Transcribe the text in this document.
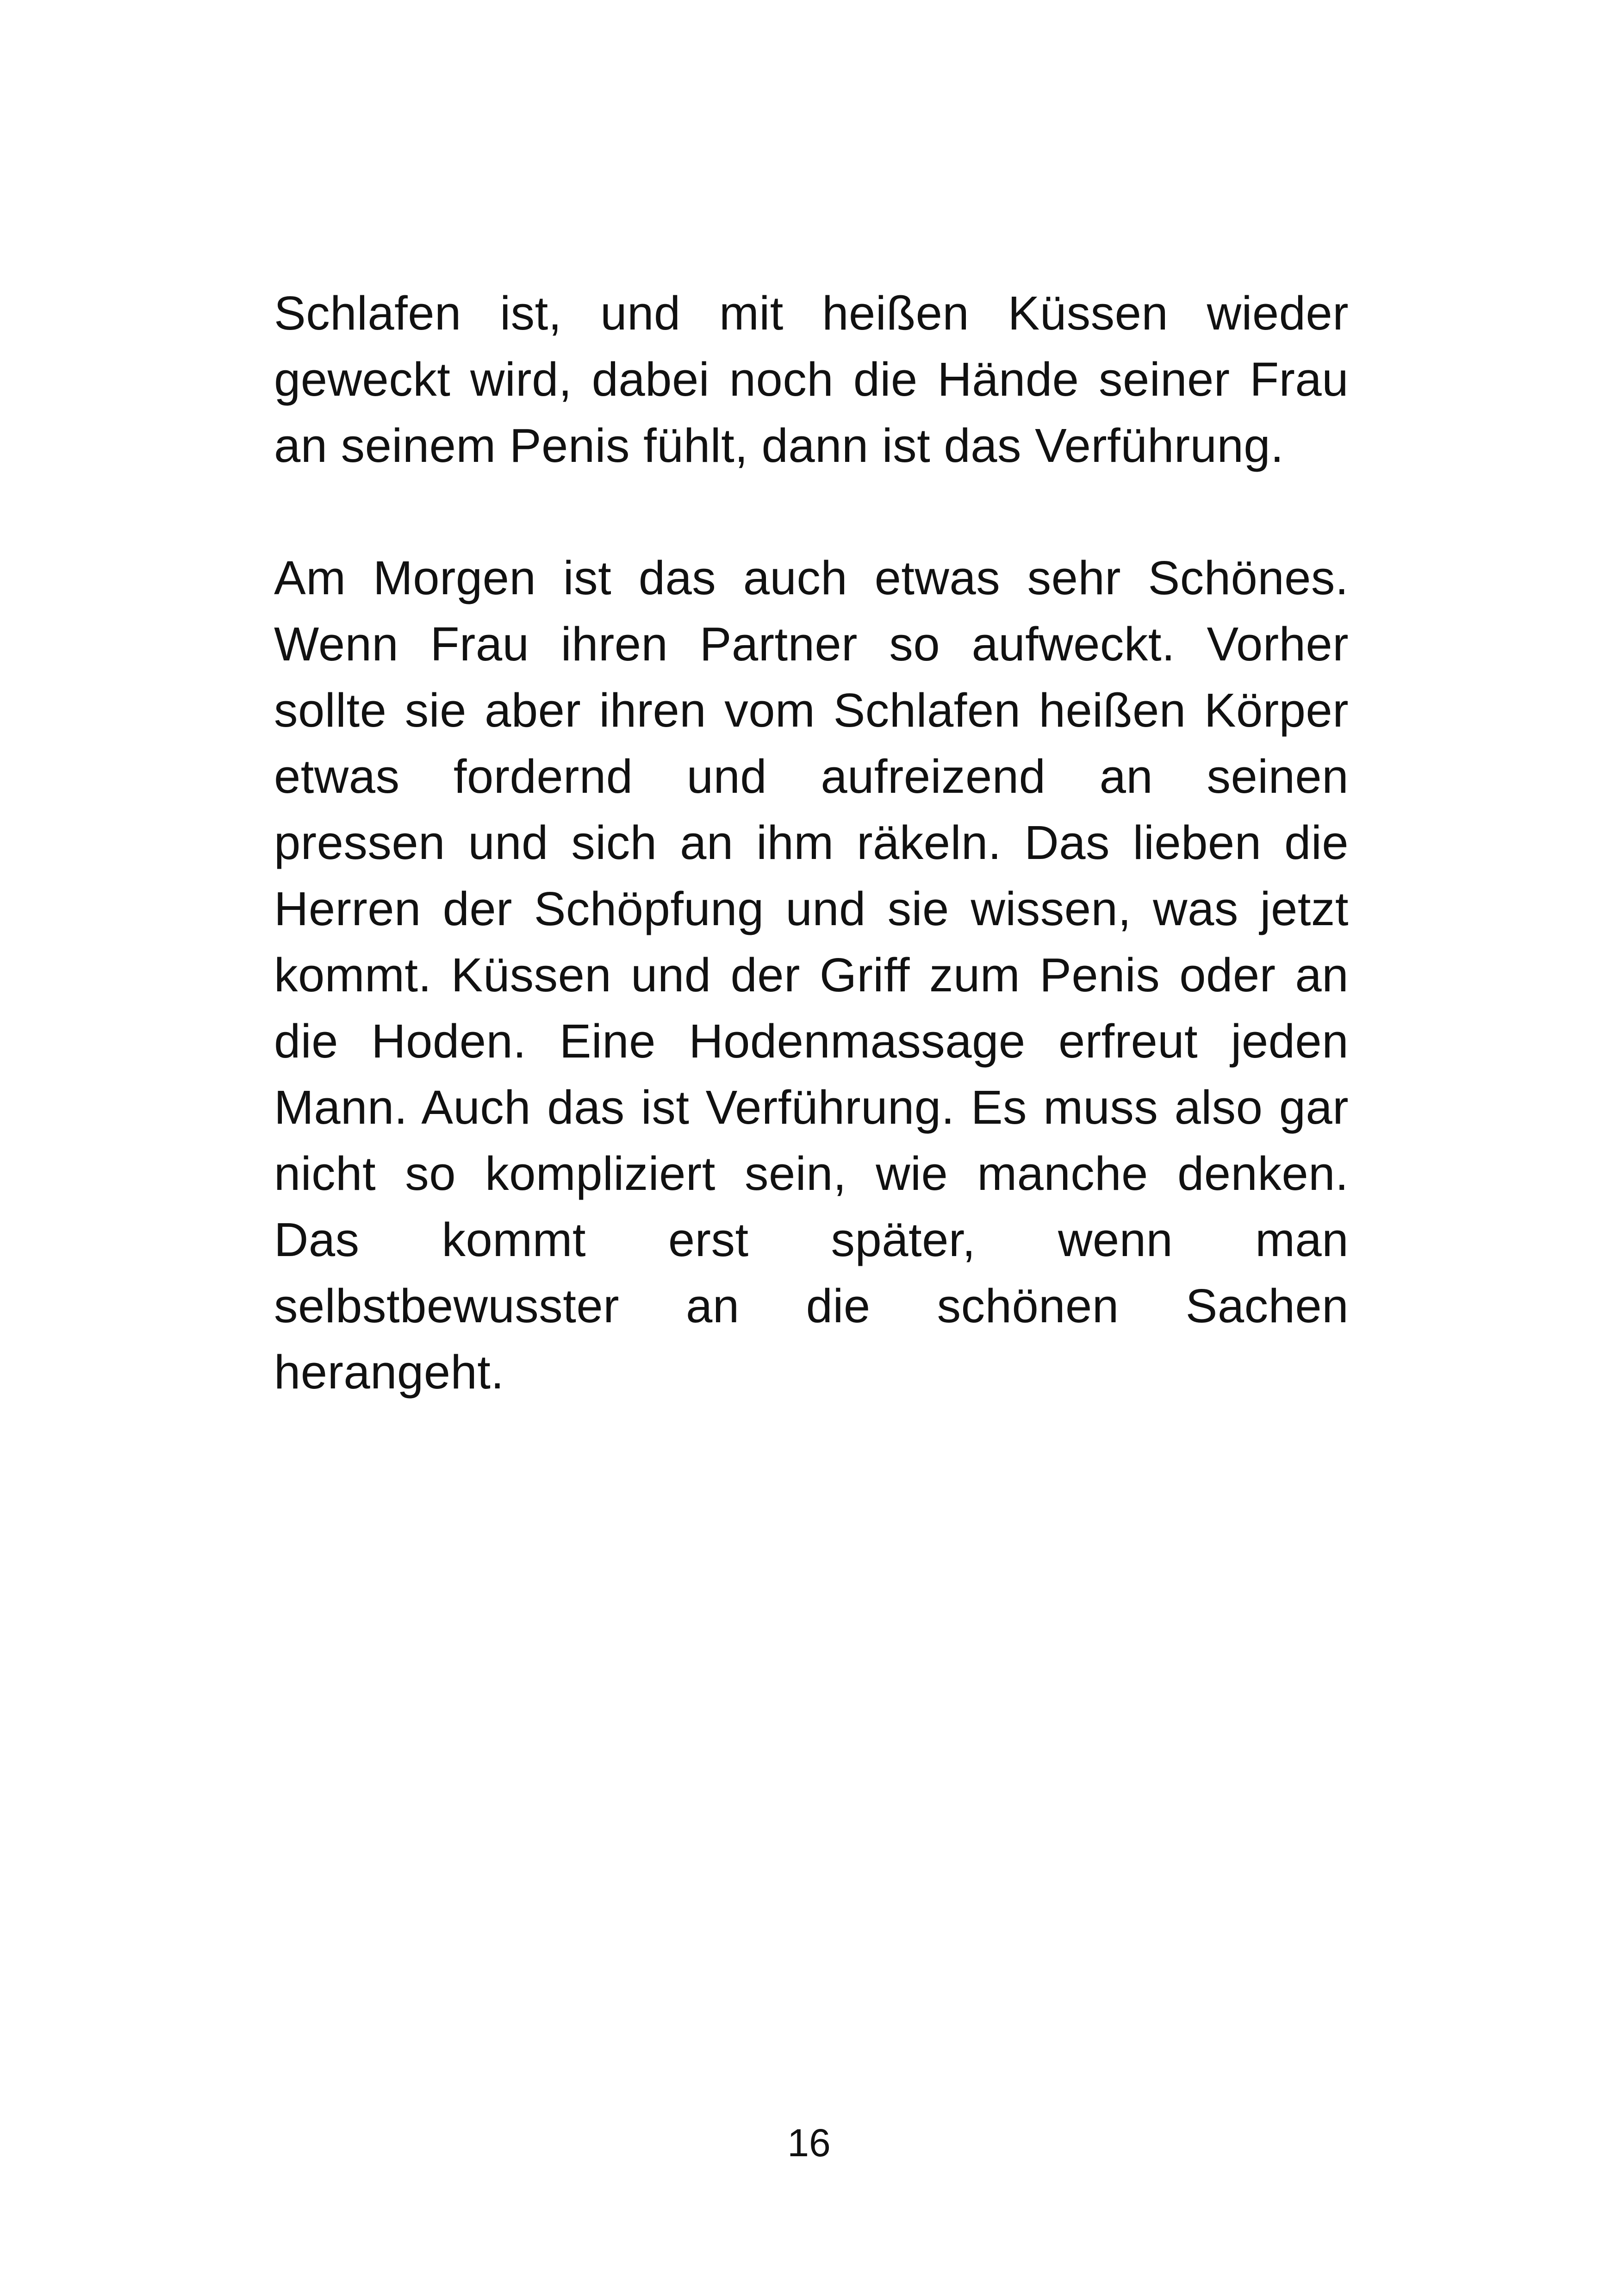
Schlafen ist, und mit heißen Küssen wieder
geweckt wird, dabei noch die Hände seiner Frau
an seinem Penis fühlt, dann ist das Verführung.
Am Morgen ist das auch etwas sehr Schönes.
Wenn Frau ihren Partner so aufweckt. Vorher
sollte sie aber ihren vom Schlafen heißen Körper
etwas fordernd und aufreizend an seinen
pressen und sich an ihm räkeln. Das lieben die
Herren der Schöpfung und sie wissen, was jetzt
kommt. Küssen und der Griff zum Penis oder an
die Hoden. Eine Hodenmassage erfreut jeden
Mann. Auch das ist Verführung. Es muss also gar
nicht so kompliziert sein, wie manche denken.
Das kommt erst später, wenn man
selbstbewusster an die schönen Sachen
herangeht.
16
